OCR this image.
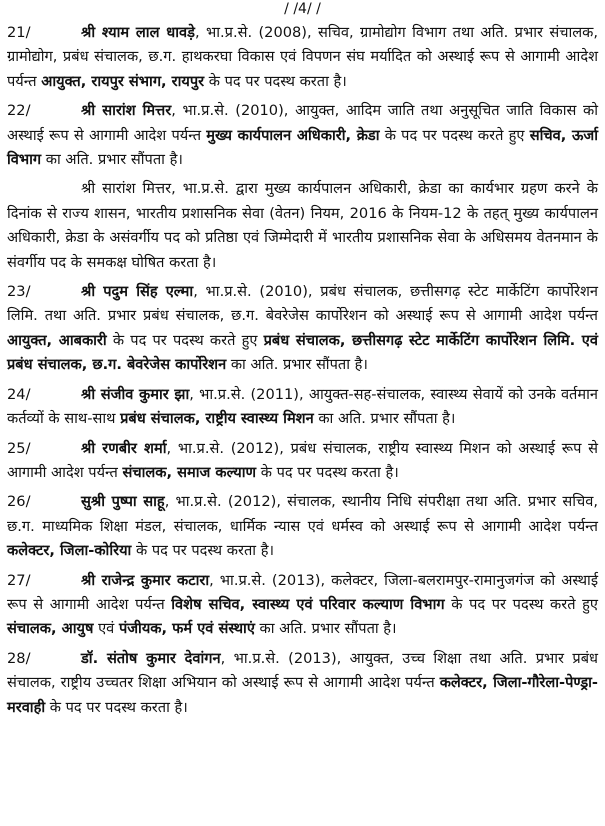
/ /4/ /

21/	श्री श्याम लाल धावड़े, भा.प्र.से. (2008), सचिव, ग्रामोद्योग विभाग तथा अति. प्रभार संचालक, ग्रामोद्योग, प्रबंध संचालक, छ.ग. हाथकरघा विकास एवं विपणन संघ मर्यादित को अस्थाई रूप से आगामी आदेश पर्यन्त आयुक्त, रायपुर संभाग, रायपुर के पद पर पदस्थ करता है।

22/	श्री सारांश मित्तर, भा.प्र.से. (2010), आयुक्त, आदिम जाति तथा अनुसूचित जाति विकास को अस्थाई रूप से आगामी आदेश पर्यन्त मुख्य कार्यपालन अधिकारी, क्रेडा के पद पर पदस्थ करते हुए सचिव, ऊर्जा विभाग का अति. प्रभार सौंपता है।

श्री सारांश मित्तर, भा.प्र.से. द्वारा मुख्य कार्यपालन अधिकारी, क्रेडा का कार्यभार ग्रहण करने के दिनांक से राज्य शासन, भारतीय प्रशासनिक सेवा (वेतन) नियम, 2016 के नियम-12 के तहत् मुख्य कार्यपालन अधिकारी, क्रेडा के असंवर्गीय पद को प्रतिष्ठा एवं जिम्मेदारी में भारतीय प्रशासनिक सेवा के अधिसमय वेतनमान के संवर्गीय पद के समकक्ष घोषित करता है।

23/	श्री पदुम सिंह एल्मा, भा.प्र.से. (2010), प्रबंध संचालक, छत्तीसगढ़ स्टेट मार्केटिंग कार्पोरेशन लिमि. तथा अति. प्रभार प्रबंध संचालक, छ.ग. बेवरेजेस कार्पोरेशन को अस्थाई रूप से आगामी आदेश पर्यन्त आयुक्त, आबकारी के पद पर पदस्थ करते हुए प्रबंध संचालक, छत्तीसगढ़ स्टेट मार्केटिंग कार्पोरेशन लिमि. एवं प्रबंध संचालक, छ.ग. बेवरेजेस कार्पोरेशन का अति. प्रभार सौंपता है।

24/	श्री संजीव कुमार झा, भा.प्र.से. (2011), आयुक्त-सह-संचालक, स्वास्थ्य सेवायें को उनके वर्तमान कर्तव्यों के साथ-साथ प्रबंध संचालक, राष्ट्रीय स्वास्थ्य मिशन का अति. प्रभार सौंपता है।

25/	श्री रणबीर शर्मा, भा.प्र.से. (2012), प्रबंध संचालक, राष्ट्रीय स्वास्थ्य मिशन को अस्थाई रूप से आगामी आदेश पर्यन्त संचालक, समाज कल्याण के पद पर पदस्थ करता है।

26/	सुश्री पुष्पा साहू, भा.प्र.से. (2012), संचालक, स्थानीय निधि संपरीक्षा तथा अति. प्रभार सचिव, छ.ग. माध्यमिक शिक्षा मंडल, संचालक, धार्मिक न्यास एवं धर्मस्व को अस्थाई रूप से आगामी आदेश पर्यन्त कलेक्टर, जिला-कोरिया के पद पर पदस्थ करता है।

27/	श्री राजेन्द्र कुमार कटारा, भा.प्र.से. (2013), कलेक्टर, जिला-बलरामपुर-रामानुजगंज को अस्थाई रूप से आगामी आदेश पर्यन्त विशेष सचिव, स्वास्थ्य एवं परिवार कल्याण विभाग के पद पर पदस्थ करते हुए संचालक, आयुष एवं पंजीयक, फर्म एवं संस्थाएं का अति. प्रभार सौंपता है।

28/	डॉ. संतोष कुमार देवांगन, भा.प्र.से. (2013), आयुक्त, उच्च शिक्षा तथा अति. प्रभार प्रबंध संचालक, राष्ट्रीय उच्चतर शिक्षा अभियान को अस्थाई रूप से आगामी आदेश पर्यन्त कलेक्टर, जिला-गौरेला-पेण्ड्रा-मरवाही के पद पर पदस्थ करता है।
